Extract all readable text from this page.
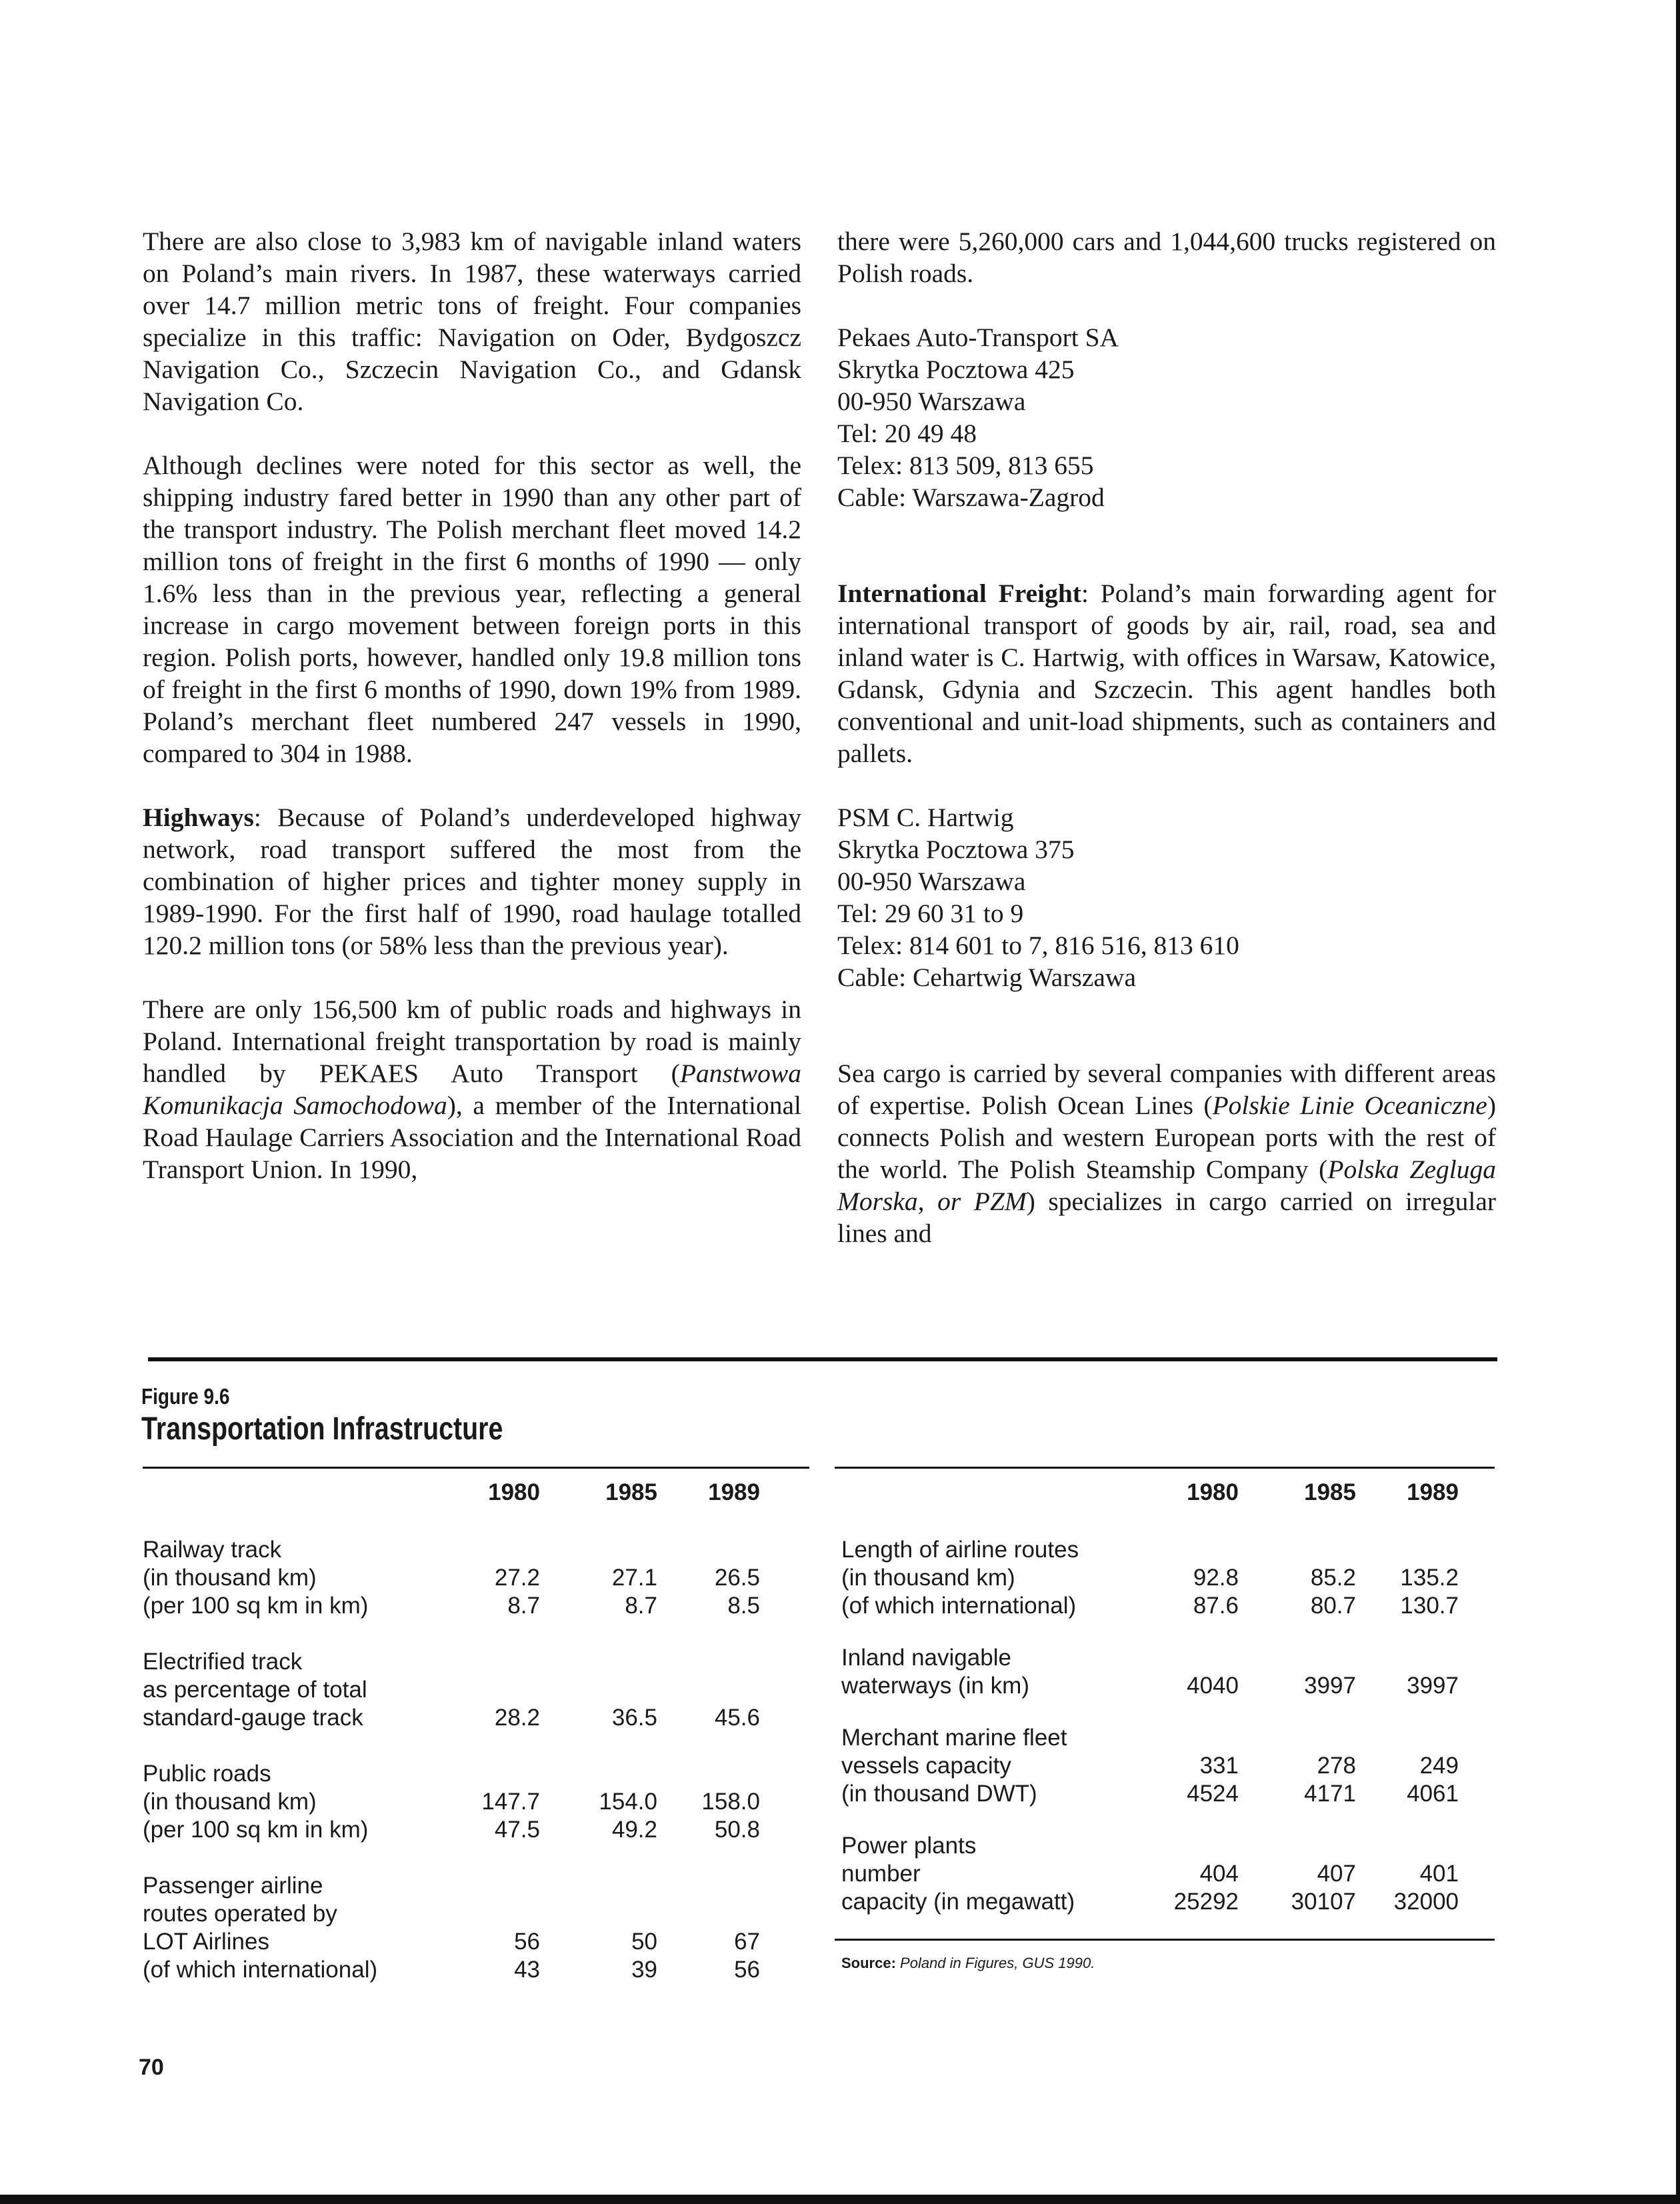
There are also close to 3,983 km of navigable inland waters on Poland’s main rivers. In 1987, these waterways carried over 14.7 million metric tons of freight. Four companies specialize in this traffic: Navigation on Oder, Bydgoszcz Navigation Co., Szczecin Navigation Co., and Gdansk Navigation Co.

Although declines were noted for this sector as well, the shipping industry fared better in 1990 than any other part of the transport industry. The Polish merchant fleet moved 14.2 million tons of freight in the first 6 months of 1990 — only 1.6% less than in the previous year, reflecting a general increase in cargo movement between foreign ports in this region. Polish ports, however, handled only 19.8 million tons of freight in the first 6 months of 1990, down 19% from 1989. Poland’s merchant fleet numbered 247 vessels in 1990, compared to 304 in 1988.

Highways: Because of Poland’s underdeveloped highway network, road transport suffered the most from the combination of higher prices and tighter money supply in 1989-1990. For the first half of 1990, road haulage totalled 120.2 million tons (or 58% less than the previous year).

There are only 156,500 km of public roads and highways in Poland. International freight transportation by road is mainly handled by PEKAES Auto Transport (Panstwowa Komunikacja Samochodowa), a member of the International Road Haulage Carriers Association and the International Road Transport Union. In 1990,

there were 5,260,000 cars and 1,044,600 trucks registered on Polish roads.

Pekaes Auto-Transport SA
Skrytka Pocztowa 425
00-950 Warszawa
Tel: 20 49 48
Telex: 813 509, 813 655
Cable: Warszawa-Zagrod

International Freight: Poland’s main forwarding agent for international transport of goods by air, rail, road, sea and inland water is C. Hartwig, with offices in Warsaw, Katowice, Gdansk, Gdynia and Szczecin. This agent handles both conventional and unit-load shipments, such as containers and pallets.

PSM C. Hartwig
Skrytka Pocztowa 375
00-950 Warszawa
Tel: 29 60 31 to 9
Telex: 814 601 to 7, 816 516, 813 610
Cable: Cehartwig Warszawa

Sea cargo is carried by several companies with different areas of expertise. Polish Ocean Lines (Polskie Linie Oceaniczne) connects Polish and western European ports with the rest of the world. The Polish Steamship Company (Polska Zegluga Morska, or PZM) specializes in cargo carried on irregular lines and

Figure 9.6
Transportation Infrastructure
1980	1985	1989
Railway track
(in thousand km)	27.2	27.1	26.5
(per 100 sq km in km)	8.7	8.7	8.5
Electrified track
as percentage of total
standard-gauge track	28.2	36.5	45.6
Public roads
(in thousand km)	147.7	154.0	158.0
(per 100 sq km in km)	47.5	49.2	50.8
Passenger airline
routes operated by
LOT Airlines	56	50	67
(of which international)	43	39	56
1980	1985	1989
Length of airline routes
(in thousand km)	92.8	85.2	135.2
(of which international)	87.6	80.7	130.7
Inland navigable
waterways (in km)	4040	3997	3997
Merchant marine fleet
vessels capacity	331	278	249
(in thousand DWT)	4524	4171	4061
Power plants
number	404	407	401
capacity (in megawatt)	25292	30107	32000
Source: Poland in Figures, GUS 1990.
70
